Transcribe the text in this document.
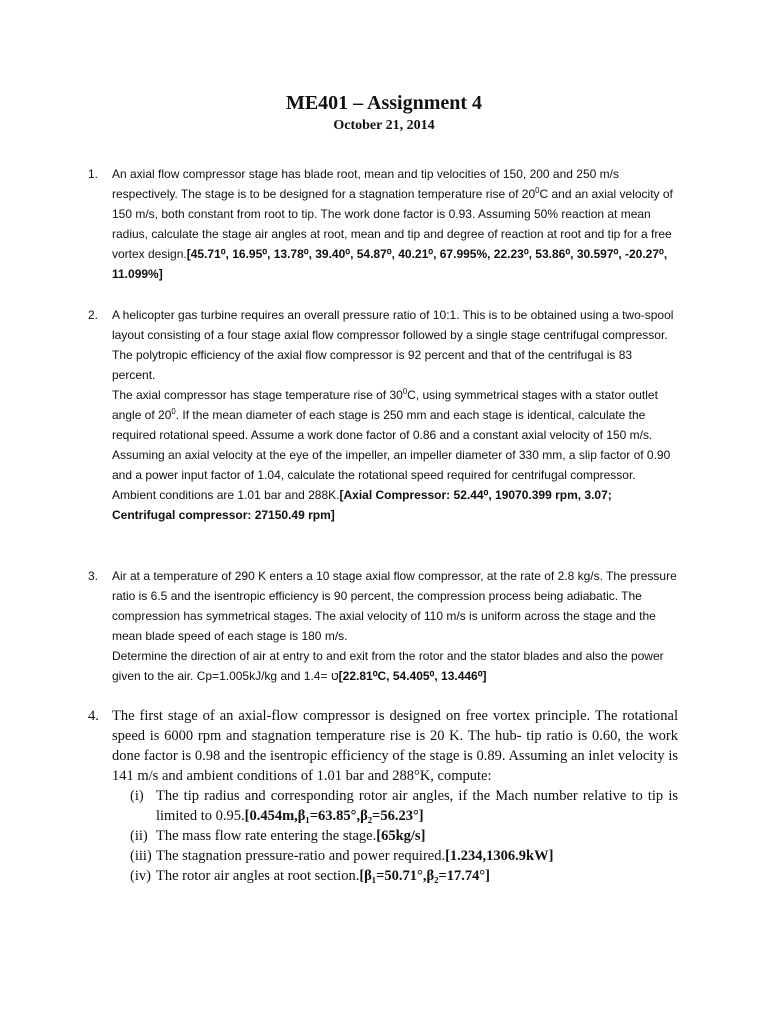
ME401 – Assignment 4
October 21, 2014
1. An axial flow compressor stage has blade root, mean and tip velocities of 150, 200 and 250 m/s respectively. The stage is to be designed for a stagnation temperature rise of $20^0C$ and an axial velocity of 150 m/s, both constant from root to tip. The work done factor is 0.93. Assuming 50% reaction at mean radius, calculate the stage air angles at root, mean and tip and degree of reaction at root and tip for a free vortex design.[45.71⁰, 16.95⁰, 13.78⁰, 39.40⁰, 54.87⁰, 40.21⁰, 67.995%, 22.23⁰, 53.86⁰, 30.597⁰, -20.27⁰, 11.099%]

2. A helicopter gas turbine requires an overall pressure ratio of 10:1. This is to be obtained using a two-spool layout consisting of a four stage axial flow compressor followed by a single stage centrifugal compressor. The polytropic efficiency of the axial flow compressor is 92 percent and that of the centrifugal is 83 percent.

The axial compressor has stage temperature rise of $30^0C$, using symmetrical stages with a stator outlet angle of $20^0$. If the mean diameter of each stage is 250 mm and each stage is identical, calculate the required rotational speed. Assume a work done factor of 0.86 and a constant axial velocity of 150 m/s.

Assuming an axial velocity at the eye of the impeller, an impeller diameter of 330 mm, a slip factor of 0.90 and a power input factor of 1.04, calculate the rotational speed required for centrifugal compressor. Ambient conditions are 1.01 bar and 288K.[Axial Compressor: 52.44⁰, 19070.399 rpm, 3.07; Centrifugal compressor: 27150.49 rpm]

3. Air at a temperature of 290 K enters a 10 stage axial flow compressor, at the rate of 2.8 kg/s. The pressure ratio is 6.5 and the isentropic efficiency is 90 percent, the compression process being adiabatic. The compression has symmetrical stages. The axial velocity of 110 m/s is uniform across the stage and the mean blade speed of each stage is 180 m/s.

Determine the direction of air at entry to and exit from the rotor and the stator blades and also the power given to the air. Cp=1.005kJ/kg and ט =1.4 [22.81⁰C, 54.405⁰, 13.446⁰]

4. The first stage of an axial-flow compressor is designed on free vortex principle. The rotational speed is 6000 rpm and stagnation temperature rise is 20 K. The hub- tip ratio is 0.60, the work done factor is 0.98 and the isentropic efficiency of the stage is 0.89. Assuming an inlet velocity is 141 m/s and ambient conditions of 1.01 bar and 288°K, compute:

(i) The tip radius and corresponding rotor air angles, if the Mach number relative to tip is limited to 0.95.[0.454m,β₁=63.85°,β₂=56.23°]
(ii) The mass flow rate entering the stage.[65kg/s]
(iii) The stagnation pressure-ratio and power required.[1.234,1306.9kW]
(iv) The rotor air angles at root section.[β₁=50.71°,β₂=17.74°]
